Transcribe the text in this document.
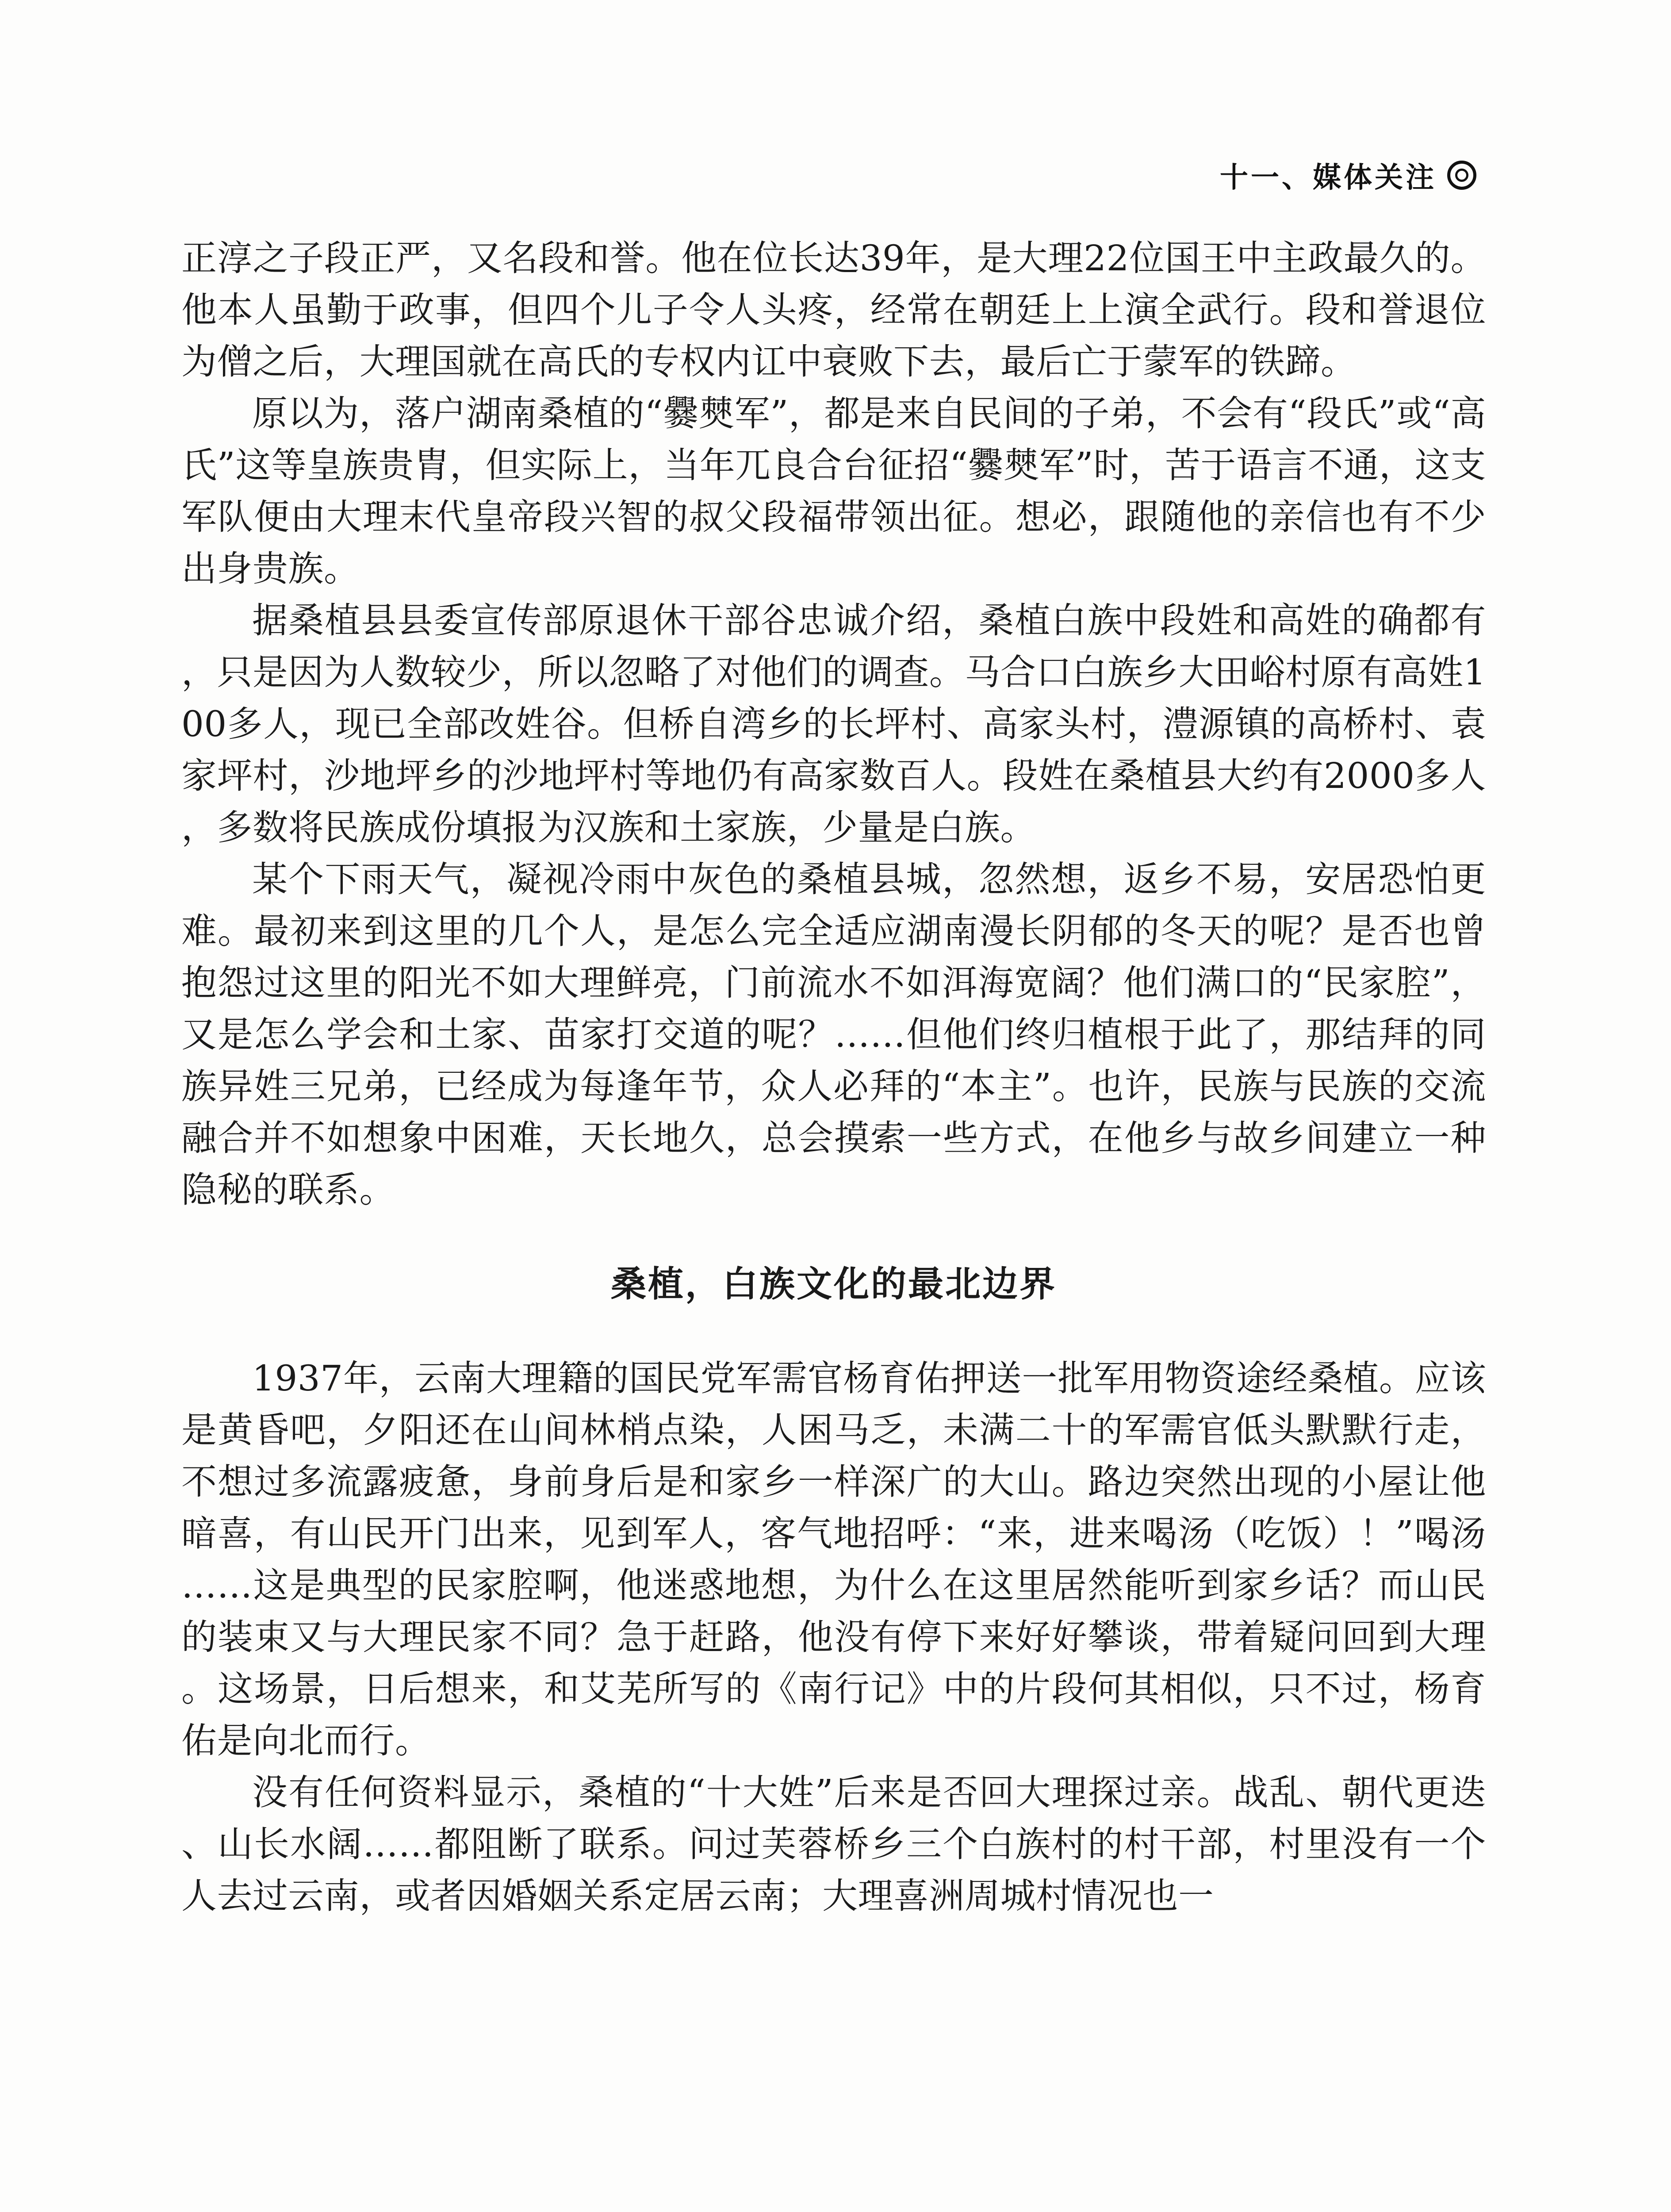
十一、媒体关注

正淳之子段正严，又名段和誉。他在位长达39年，是大理22位国王中主政最久的。他本人虽勤于政事，但四个儿子令人头疼，经常在朝廷上上演全武行。段和誉退位为僧之后，大理国就在高氏的专权内讧中衰败下去，最后亡于蒙军的铁蹄。

原以为，落户湖南桑植的“爨僰军”，都是来自民间的子弟，不会有“段氏”或“高氏”这等皇族贵胄，但实际上，当年兀良合台征招“爨僰军”时，苦于语言不通，这支军队便由大理末代皇帝段兴智的叔父段福带领出征。想必，跟随他的亲信也有不少出身贵族。

据桑植县县委宣传部原退休干部谷忠诚介绍，桑植白族中段姓和高姓的确都有，只是因为人数较少，所以忽略了对他们的调查。马合口白族乡大田峪村原有高姓100多人，现已全部改姓谷。但桥自湾乡的长坪村、高家头村，澧源镇的高桥村、袁家坪村，沙地坪乡的沙地坪村等地仍有高家数百人。段姓在桑植县大约有2000多人，多数将民族成份填报为汉族和土家族，少量是白族。

某个下雨天气，凝视冷雨中灰色的桑植县城，忽然想，返乡不易，安居恐怕更难。最初来到这里的几个人，是怎么完全适应湖南漫长阴郁的冬天的呢？是否也曾抱怨过这里的阳光不如大理鲜亮，门前流水不如洱海宽阔？他们满口的“民家腔”，又是怎么学会和土家、苗家打交道的呢？……但他们终归植根于此了，那结拜的同族异姓三兄弟，已经成为每逢年节，众人必拜的“本主”。也许，民族与民族的交流融合并不如想象中困难，天长地久，总会摸索一些方式，在他乡与故乡间建立一种隐秘的联系。

桑植，白族文化的最北边界

1937年，云南大理籍的国民党军需官杨育佑押送一批军用物资途经桑植。应该是黄昏吧，夕阳还在山间林梢点染，人困马乏，未满二十的军需官低头默默行走，不想过多流露疲惫，身前身后是和家乡一样深广的大山。路边突然出现的小屋让他暗喜，有山民开门出来，见到军人，客气地招呼：“来，进来喝汤（吃饭）！”喝汤……这是典型的民家腔啊，他迷惑地想，为什么在这里居然能听到家乡话？而山民的装束又与大理民家不同？急于赶路，他没有停下来好好攀谈，带着疑问回到大理。这场景，日后想来，和艾芜所写的《南行记》中的片段何其相似，只不过，杨育佑是向北而行。

没有任何资料显示，桑植的“十大姓”后来是否回大理探过亲。战乱、朝代更迭、山长水阔……都阻断了联系。问过芙蓉桥乡三个白族村的村干部，村里没有一个人去过云南，或者因婚姻关系定居云南；大理喜洲周城村情况也一
